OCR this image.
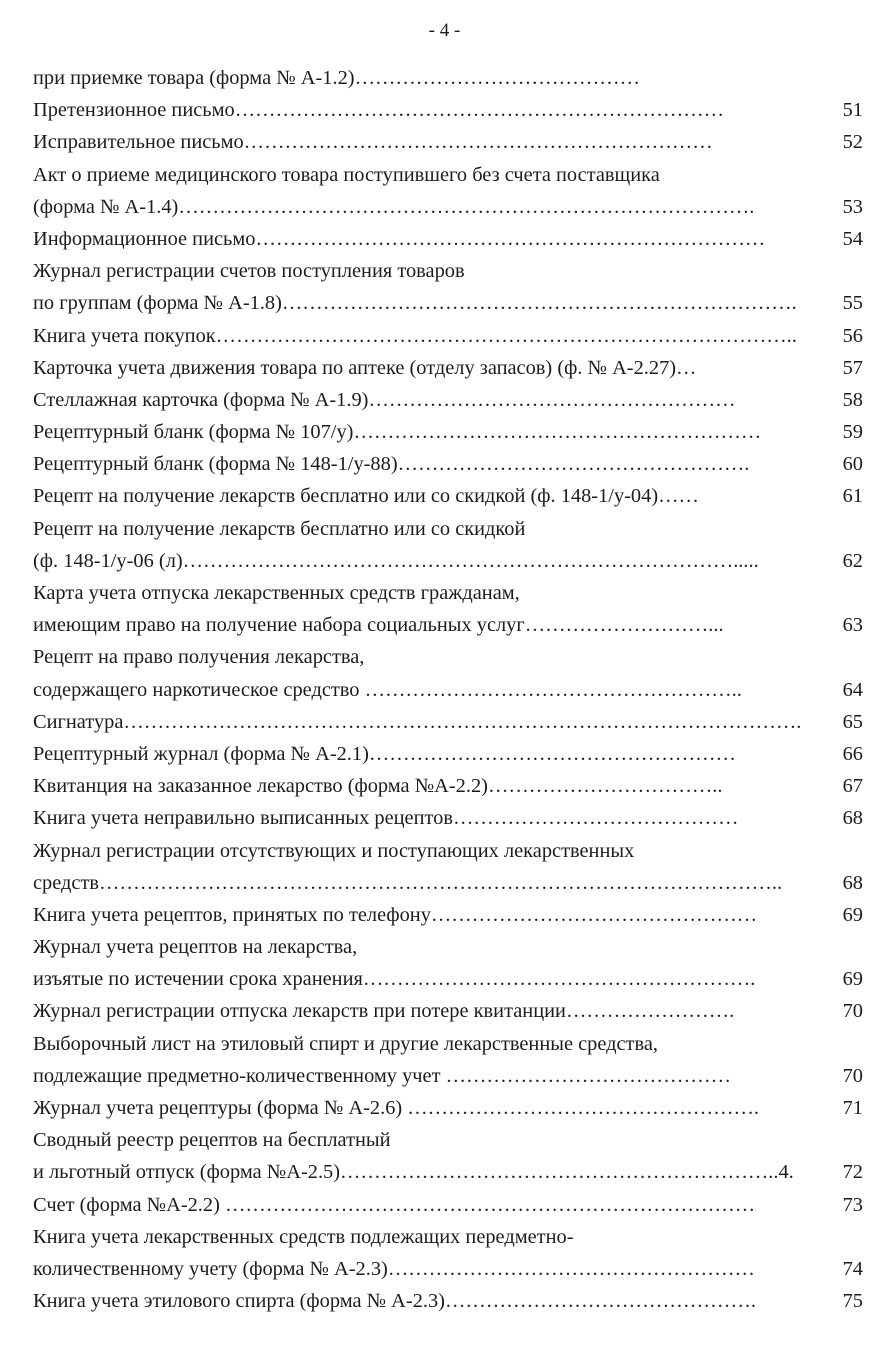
- 4 -
при приемке товара (форма № А-1.2)……………………………………
Претензионное письмо………………………………………………………………	51
Исправительное письмо……………………………………………………………	52
Акт о приеме медицинского товара поступившего без счета поставщика
(форма № А-1.4)………………………………………………………………………….	53
Информационное письмо…………………………………………………………………	54
Журнал регистрации счетов поступления товаров
по группам (форма № А-1.8)………………………………………………………………….	55
Книга учета покупок…………………………………………………………………………..	56
Карточка учета движения товара по аптеке (отделу запасов) (ф. № А-2.27)…	57
Стеллажная карточка (форма № А-1.9)………………………………………………	58
Рецептурный бланк (форма № 107/у)……………………………………………………	59
Рецептурный бланк (форма № 148-1/у-88)…………………………………………….	60
Рецепт на получение лекарств бесплатно или со скидкой (ф. 148-1/у-04)……	61
Рецепт на получение лекарств бесплатно или со скидкой
(ф. 148-1/у-06 (л)……………………………………………………………………….....	62
Карта учета отпуска лекарственных средств гражданам,
имеющим право на получение набора социальных услуг………………………...	63
Рецепт на право получения лекарства,
содержащего наркотическое средство ………………………………………………..	64
Сигнатура……………………………………………………………………………………….	65
Рецептурный журнал (форма № А-2.1)………………………………………………	66
Квитанция на заказанное лекарство (форма №А-2.2)……………………………..	67
Книга учета неправильно выписанных рецептов……………………………………	68
Журнал регистрации отсутствующих и поступающих лекарственных
средств………………………………………………………………………………………..	68
Книга учета рецептов, принятых по телефону…………………………………………	69
Журнал учета рецептов на лекарства,
изъятые по истечении срока хранения………………………………………………….	69
Журнал регистрации отпуска лекарств при потере квитанции…………………….	70
Выборочный лист на этиловый спирт и другие лекарственные средства,
подлежащие предметно-количественному учет ……………………………………	70
Журнал учета рецептуры (форма № А-2.6) …………………………………………….	71
Сводный реестр рецептов на бесплатный
и льготный отпуск (форма №А-2.5)………………………………………………………..4.	72
Счет (форма №А-2.2) ……………………………………………………………………	73
Книга учета лекарственных средств подлежащих передметно-
количественному учету (форма № А-2.3)………………………………………………	74
Книга учета этилового спирта (форма № А-2.3)……………………………………….	75
